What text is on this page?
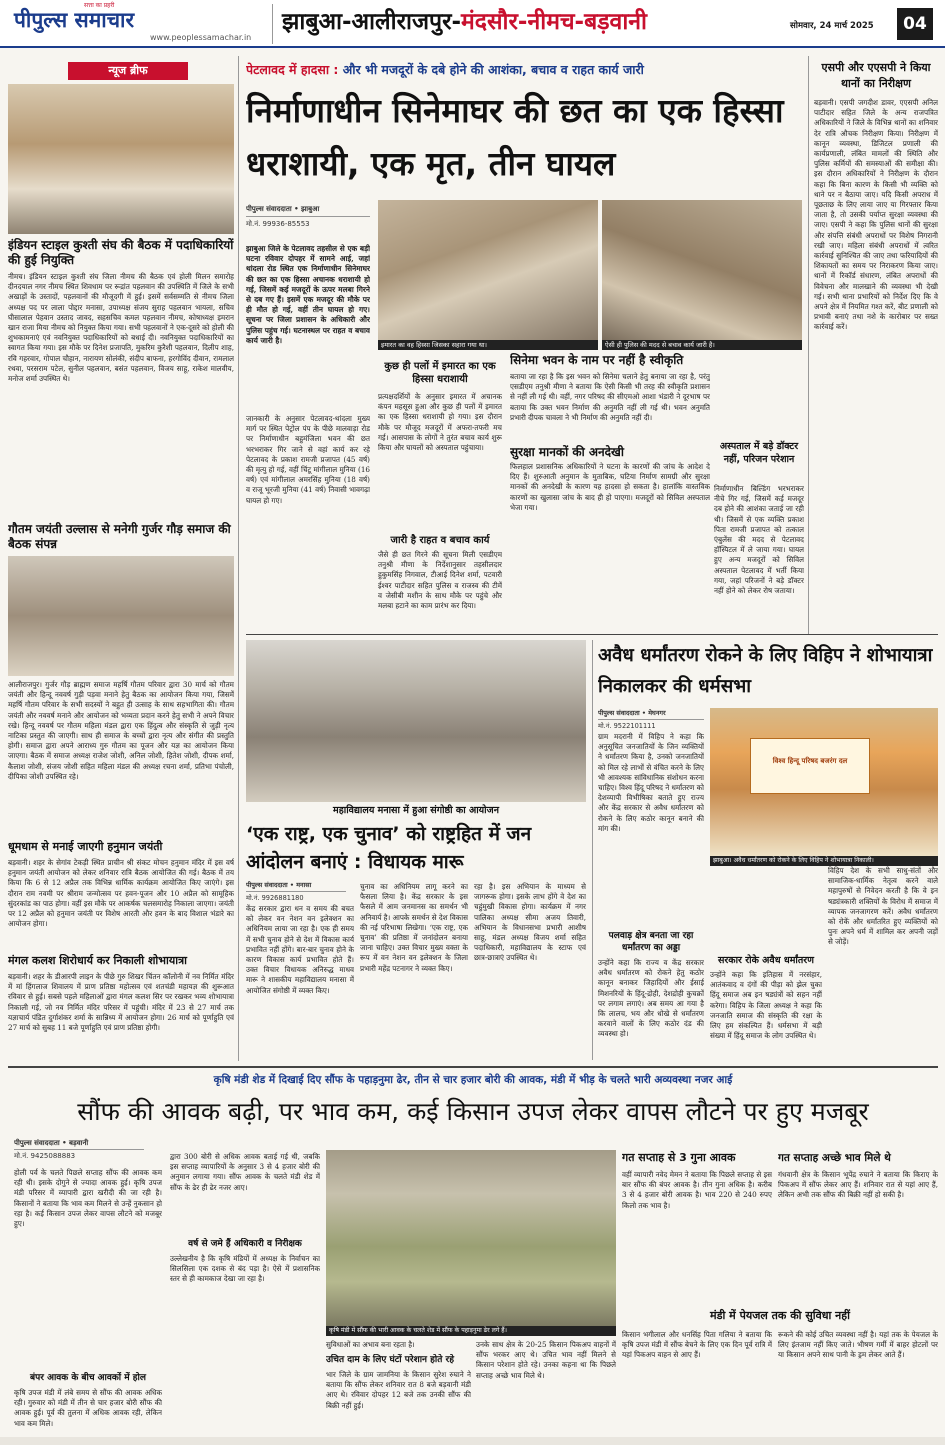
पीपुल्स समाचार
सत्ता का प्रहरी
www.peoplessamachar.in
झाबुआ-आलीराजपुर-मंदसौर-नीमच-बड़वानी	सोमवार, 24 मार्च 2025	04
न्यूज ब्रीफ
इंडियन स्टाइल कुश्ती संघ की बैठक में पदाधिकारियों की हुई नियुक्ति
नीमच। इंडियन स्टाइल कुश्ती संघ जिला नीमच की बैठक एवं होली मिलन समारोह दीनदयाल नगर नीमच स्थित शिवधाम पर रूद्रांत पहलवान की उपस्थिति में जिले के सभी अखाड़ों के उस्तादों, पहलवानों की मौजूदगी में हुई। इसमें सर्वसम्मति से नीमच जिला अध्यक्ष पद पर लाला पोद्दार मनासा, उपाध्यक्ष संजय सुराह पहलवान भायला, सचिव घीसालाल पेहवान उस्ताद जावद, सहसचिव कमल पहलवान नीमच, कोषाध्यक्ष इमरान खान राजा मिया नीमच को नियुक्त किया गया। सभी पहलवानों ने एक-दूसरे को होली की शुभकामनाएं एवं नवनियुक्त पदाधिकारियों को बधाई दी। नवनियुक्त पदाधिकारियों का स्वागत किया गया। इस मौके पर दिनेश प्रजापति, मुकरिम कुरैशी पहलवान, दिलीप शाह, रवि गहरवार, गोपाल चौहान, नारायण सोलंकी, संदीप बाफना, हरगोविंद दीवान, रामलाल रथवा, परसराम पटेल, सुनील पहलवान, बसंत पहलवान, विजय साहू, राकेश मालवीय, मनोज शर्मा उपस्थित थे।
गौतम जयंती उल्लास से मनेगी गुर्जर गौड़ समाज की बैठक संपन्न
आलीराजपुर। गुर्जर गौड़ ब्राह्मण समाज महर्षि गौतम परिवार द्वारा 30 मार्च को गौतम जयंती और हिन्दू नववर्ष गुड़ी पड़वा मनाने हेतु बैठक का आयोजन किया गया, जिसमें महर्षि गौतम परिवार के सभी सदस्यों ने बहुत ही उत्साह के साथ सहभागिता की। गौतम जयंती और नववर्ष मनाने और आयोजन को भव्यता प्रदान करने हेतु सभी ने अपने विचार रखे। हिन्दू नववर्ष पर गौतम महिला मंडल द्वारा एक हिंदुत्व और संस्कृति से जुड़ी नृत्य नाटिका प्रस्तुत की जाएगी। साथ ही समाज के बच्चों द्वारा नृत्य और संगीत की प्रस्तुति होगी। समाज द्वारा अपने आराध्य गुरु गौतम का पूजन और यज्ञ का आयोजन किया जाएगा। बैठक में समाज अध्यक्ष राजेश जोशी, अनिल जोशी, हितेश जोशी, दीपक शर्मा, कैलाश जोशी, संजय जोशी सहित महिला मंडल की अध्यक्ष रचना शर्मा, प्रतिभा पंचोली, दीपिका जोशी उपस्थित रहे।
धूमधाम से मनाई जाएगी हनुमान जयंती
बड़वानी। शहर के सेगांव टेकड़ी स्थित प्राचीन श्री संकट मोचन हनुमान मंदिर में इस वर्ष हनुमान जयंती आयोजन को लेकर शनिवार रात्रि बैठक आयोजित की गई। बैठक में तय किया कि 6 से 12 अप्रैल तक विभिन्न धार्मिक कार्यक्रम आयोजित किए जाएंगे। इस दौरान राम नवमी पर श्रीराम जन्मोत्सव पर हवन-पूजन और 10 अप्रैल को सामूहिक सुंदरकांड का पाठ होगा। वहीं इस मौके पर आकर्षक चलसमारोह निकाला जाएगा। जयंती पर 12 अप्रैल को हनुमान जयंती पर विशेष आरती और हवन के बाद विशाल भंडारे का आयोजन होगा।
मंगल कलश शिरोधार्य कर निकाली शोभायात्रा
बड़वानी। शहर के डीआरपी लाइन के पीछे गुरु शिखर चिंतन कॉलोनी में नव निर्मित मंदिर में मां हिंगलाज शिवालय में प्राण प्रतिष्ठा महोत्सव एवं शतचंडी महायज्ञ की शुरूआत रविवार से हुई। सबसे पहले महिलाओं द्वारा मंगल कलश सिर पर रखकर भव्य शोभायात्रा निकाली गई, जो नव निर्मित मंदिर परिसर में पहुंची। मंदिर में 23 से 27 मार्च तक यज्ञाचार्य पंडित दुर्गाशंकर शर्मा के सान्निध्य में आयोजन होगा। 26 मार्च को पूर्णाहुति एवं 27 मार्च को सुबह 11 बजे पूर्णाहुति एवं प्राण प्रतिष्ठा होगी।
पेटलावद में हादसा : और भी मजदूरों के दबे होने की आशंका, बचाव व राहत कार्य जारी
निर्माणाधीन सिनेमाघर की छत का एक हिस्सा धराशायी, एक मृत, तीन घायल
पीपुल्स संवाददाता • झाबुआ
मो.नं. 99936-85553
झाबुआ जिले के पेटलावद तहसील से एक बड़ी घटना रविवार दोपहर में सामने आई, जहां थांदला रोड स्थित एक निर्माणाधीन सिनेमाघर की छत का एक हिस्सा अचानक धराशायी हो गई, जिसमें कई मजदूरों के ऊपर मलबा गिरने से दब गए हैं। इसमें एक मजदूर की मौके पर ही मौत हो गई, वहीं तीन घायल हो गए। सूचना पर जिला प्रशासन के अधिकारी और पुलिस पहुंच गई। घटनास्थल पर राहत व बचाव कार्य जारी है।
इमारत का वह हिस्सा जिसका सहारा गया था।	ऐसी ही पुलिस की मदद से बचाव कार्य जारी है।
जानकारी के अनुसार पेटलावद-थांदला मुख्य मार्ग पर स्थित पेट्रोल पंप के पीछे मालवाड़ा रोड पर निर्माणाधीन बहुमंजिला भवन की छत भरभराकर गिर जाने से वहां कार्य कर रहे पेटलावद के प्रकाश रामजी प्रजापत (45 वर्ष) की मृत्यु हो गई, वहीं चिंटू मांगीलाल मुनिया (16 वर्ष) एवं मांगीलाल अमरसिंह मुनिया (18 वर्ष) व राजू भूरजी मुनिया (41 वर्ष) निवासी भावगढ़ा घायल हो गए।
कुछ ही पलों में इमारत का एक हिस्सा धराशायी
प्रत्यक्षदर्शियों के अनुसार इमारत में अचानक कंपन महसूस हुआ और कुछ ही पलों में इमारत का एक हिस्सा धराशायी हो गया। इस दौरान मौके पर मौजूद मजदूरों में अफरा-तफरी मच गई। आसपास के लोगों ने तुरंत बचाव कार्य शुरू किया और घायलों को अस्पताल पहुंचाया।
जारी है राहत व बचाव कार्य
जैसे ही छत गिरने की सूचना मिली एसडीएम तनुश्री मीणा के निर्देशानुसार तहसीलदार हुकुमसिंह निगवाल, टीआई दिनेश शर्मा, पटवारी ईश्वर पाटीदार सहित पुलिस व राजस्व की टीमें व जेसीबी मशीन के साथ मौके पर पहुंचे और मलबा हटाने का काम प्रारंभ कर दिया।
सिनेमा भवन के नाम पर नहीं है स्वीकृति
बताया जा रहा है कि इस भवन को सिनेमा चलाने हेतु बनाया जा रहा है, परंतु एसडीएम तनुश्री मीणा ने बताया कि ऐसी किसी भी तरह की स्वीकृति प्रशासन से नहीं ली गई थी। वहीं, नगर परिषद की सीएमओ आशा भंडारी ने दूरभाष पर बताया कि उक्त भवन निर्माण की अनुमति नहीं ली गई थी। भवन अनुमति प्रभारी दीपक चावला ने भी निर्माण की अनुमति नहीं दी।
सुरक्षा मानकों की अनदेखी
फिलहाल प्रशासनिक अधिकारियों ने घटना के कारणों की जांच के आदेश दे दिए हैं। शुरुआती अनुमान के मुताबिक, घटिया निर्माण सामग्री और सुरक्षा मानकों की अनदेखी के कारण यह हादसा हो सकता है। हालांकि वास्तविक कारणों का खुलासा जांच के बाद ही हो पाएगा। मजदूरों को सिविल अस्पताल भेजा गया।
अस्पताल में बड़े डॉक्टर नहीं, परिजन परेशान
निर्माणाधीन बिल्डिंग भरभराकर नीचे गिर गई, जिसमें कई मजदूर दब होने की आशंका जताई जा रही थी। जिसमें से एक व्यक्ति प्रकाश पिता रामजी प्रजापत को तत्काल एंबुलेंस की मदद से पेटलावद हॉस्पिटल में ले जाया गया। घायल हुए अन्य मजदूरों को सिविल अस्पताल पेटलावद में भर्ती किया गया, जहां परिजनों ने बड़े डॉक्टर नहीं होने को लेकर रोष जताया।
एसपी और एएसपी ने किया थानों का निरीक्षण
बड़वानी। एसपी जगदीश डावर, एएसपी अनिल पाटीदार सहित जिले के अन्य राजपत्रित अधिकारियों ने जिले के विभिन्न थानों का शनिवार देर रात्रि औचक निरीक्षण किया। निरीक्षण में कानून व्यवस्था, डिजिटल प्रणाली की कार्यप्रणाली, लंबित मामलों की स्थिति और पुलिस कर्मियों की समस्याओं की समीक्षा की। इस दौरान अधिकारियों ने निरीक्षण के दौरान कहा कि बिना कारण के किसी भी व्यक्ति को थाने पर न बैठाया जाए। यदि किसी अपराध में पूछताछ के लिए लाया जाए या गिरफ्तार किया जाता है, तो उसकी पर्याप्त सुरक्षा व्यवस्था की जाए। एसपी ने कहा कि पुलिस थानों की सुरक्षा और संपत्ति संबंधी अपराधों पर विशेष निगरानी रखी जाए। महिला संबंधी अपराधों में त्वरित कार्रवाई सुनिश्चित की जाए तथा फरियादियों की शिकायतों का समय पर निराकरण किया जाए। थानों में रिकॉर्ड संधारण, लंबित अपराधों की विवेचना और मालखाने की व्यवस्था भी देखी गई। सभी थाना प्रभारियों को निर्देश दिए कि वे अपने क्षेत्र में नियमित गश्त करें, बीट प्रणाली को प्रभावी बनाएं तथा नशे के कारोबार पर सख्त कार्रवाई करें।
महाविद्यालय मनासा में हुआ संगोष्ठी का आयोजन
‘एक राष्ट्र, एक चुनाव’ को राष्ट्रहित में जन आंदोलन बनाएं : विधायक मारू
पीपुल्स संवाददाता • मनासा
मो.नं. 9926881180
केंद्र सरकार द्वारा धन व समय की बचत को लेकर वन नेशन वन इलेक्शन का अधिनियम लाया जा रहा है। एक ही समय में सभी चुनाव होने से देश में विकास कार्य प्रभावित नहीं होंगे। बार-बार चुनाव होने के कारण विकास कार्य प्रभावित होते हैं। उक्त विचार विधायक अनिरुद्ध माधव मारू ने शासकीय महाविद्यालय मनासा में आयोजित संगोष्ठी में व्यक्त किए।
चुनाव का अधिनियम लागू करने का फैसला लिया है। केंद्र सरकार के इस फैसले में आम जनमानस का समर्थन भी अनिवार्य है। आपके समर्थन से देश विकास की नई परिभाषा लिखेगा। ‘एक राष्ट्र, एक चुनाव’ की प्रतिष्ठा में जनांदोलन बनाया जाना चाहिए। उक्त विचार मुख्य वक्ता के रूप में वन नेशन वन इलेक्शन के जिला प्रभारी महेंद्र पटनागर ने व्यक्त किए।
रहा है। इस अभियान के माध्यम से जागरूक होगा। इसके लाभ होंगे वे देश का चहुंमुखी विकास होगा। कार्यक्रम में नगर पालिका अध्यक्ष सीमा अजय तिवारी, अभियान के विधानसभा प्रभारी आशीष साहू, मंडल अध्यक्ष विजय शर्मा सहित पदाधिकारी, महाविद्यालय के स्टाफ एवं छात्र-छात्राएं उपस्थित थे।
अवैध धर्मांतरण रोकने के लिए विहिप ने शोभायात्रा निकालकर की धर्मसभा
पीपुल्स संवाददाता • मेघनगर
मो.नं. 9522101111
ग्राम मदरानी में विहिप ने कहा कि अनुसूचित जनजातियों के जिन व्यक्तियों ने धर्मांतरण किया है, उनको जनजातियों को मिल रहे लाभों से वंचित करने के लिए भी आवश्यक सांविधानिक संशोधन करना चाहिए। विश्व हिंदू परिषद ने धर्मांतरण को देशव्यापी विभीषिका बताते हुए राज्य और केंद्र सरकार से अवैध धर्मांतरण को रोकने के लिए कठोर कानून बनाने की मांग की।
विश्व हिन्दू परिषद बजरंग दल
झाबुआ। अवैध धर्मांतरण को रोकने के लिए विहिप ने शोभायात्रा निकाली।
पलवाड़ क्षेत्र बनता जा रहा धर्मांतरण का अड्डा
उन्होंने कहा कि राज्य व केंद्र सरकार अवैध धर्मांतरण को रोकने हेतु कठोर कानून बनाकर जिहादियों और ईसाई मिशनरियों के हिंदू-द्रोही, देशद्रोही कुचक्रों पर लगाम लगाएं। अब समय आ गया है कि लालच, भय और धोखे से धर्मांतरण करवाने वालों के लिए कठोर दंड की व्यवस्था हो।
सरकार रोके अवैध धर्मांतरण
उन्होंने कहा कि इतिहास में नरसंहार, आतंकवाद व दंगों की पीड़ा को झेल चुका हिंदू समाज अब इन षड्यंत्रों को सहन नहीं करेगा। विहिप के जिला अध्यक्ष ने कहा कि जनजाति समाज की संस्कृति की रक्षा के लिए हम संकल्पित हैं। धर्मसभा में बड़ी संख्या में हिंदू समाज के लोग उपस्थित थे।
विहिप देश के सभी साधु-संतों और सामाजिक-धार्मिक नेतृत्व करने वाले महापुरुषों से निवेदन करती है कि वे इन षड्यंत्रकारी शक्तियों के विरोध में समाज में व्यापक जनजागरण करें। अवैध धर्मांतरण को रोकें और धर्मांतरित हुए व्यक्तियों को पुनः अपने धर्म में शामिल कर अपनी जड़ों से जोड़ें।
कृषि मंडी शेड में दिखाई दिए सौंफ के पहाड़नुमा ढेर, तीन से चार हजार बोरी की आवक, मंडी में भीड़ के चलते भारी अव्यवस्था नजर आई
सौंफ की आवक बढ़ी, पर भाव कम, कई किसान उपज लेकर वापस लौटने पर हुए मजबूर
पीपुल्स संवाददाता • बड़वानी
मो.नं. 9425088883
होली पर्व के चलते पिछले सप्ताह सौंफ की आवक कम रही थी। इसके दोगुने से ज्यादा आवक हुई। कृषि उपज मंडी परिसर में व्यापारी द्वारा खरीदी की जा रही है। किसानों ने बताया कि भाव कम मिलने से उन्हें नुकसान हो रहा है। कई किसान उपज लेकर वापस लौटने को मजबूर हुए।
बंपर आवक के बीच आवकों में होल
कृषि उपज मंडी में लंबे समय से सौंफ की आवक अधिक रही। गुरुवार को मंडी में तीन से चार हजार बोरी सौंफ की आवक हुई। पूर्व की तुलना में अधिक आवक रही, लेकिन भाव कम मिले।
द्वारा 300 बोरी से अधिक आवक बताई गई थी, जबकि इस सप्ताह व्यापारियों के अनुसार 3 से 4 हजार बोरी की अनुमान लगाया गया। सौंफ आवक के चलते मंडी शेड में सौंफ के ढेर ही ढेर नजर आए।
वर्ष से जमे हैं अधिकारी व निरीक्षक
उल्लेखनीय है कि कृषि मंडियों में अध्यक्ष के निर्वाचन का सिलसिला एक दशक से बंद पड़ा है। ऐसे में प्रशासनिक स्तर से ही कामकाज देखा जा रहा है।
कृषि मंडी में सौंफ की भारी आवक के चलते शेड में सौंफ के पहाड़नुमा ढेर लगे हैं।
सुविधाओं का अभाव बना रहता है।
उचित दाम के लिए घंटों परेशान होते रहे
भार जिले के ग्राम जामनिया के किसान सुरेश रुघाने ने बताया कि सौंफ लेकर शनिवार रात 8 बजे बड़वानी मंडी आए थे। रविवार दोपहर 12 बजे तक उनकी सौंफ की बिक्री नहीं हुई।
उनके साथ क्षेत्र के 20-25 किसान पिकअप वाहनों में सौंफ भरकर आए थे। उचित भाव नहीं मिलने से किसान परेशान होते रहे। उनका कहना था कि पिछले सप्ताह अच्छे भाव मिले थे।
गत सप्ताह से 3 गुना आवक
वहीं व्यापारी नवेद मेमन ने बताया कि पिछले सप्ताह से इस बार सौंफ की बंपर आवक है। तीन गुना अधिक है। करीब 3 से 4 हजार बोरी आवक है। भाव 220 से 240 रुपए किलो तक भाव है।
किसान भगीलाल और धनसिंह पिता गलिया ने बताया कि कृषि उपज मंडी में सौंफ बेचने के लिए एक दिन पूर्व रात्रि में यहां पिकअप वाहन से आए हैं।
गत सप्ताह अच्छे भाव मिले थे
गंधवानी क्षेत्र के किसान भूपेंद्र रुघाने ने बताया कि किराए के पिकअप में सौंफ लेकर आए हैं। शनिवार रात से यहां आए हैं, लेकिन अभी तक सौंफ की बिक्री नहीं हो सकी है।
मंडी में पेयजल तक की सुविधा नहीं
रूकने की कोई उचित व्यवस्था नहीं है। यहां तक के पेयजल के लिए इंतजाम नहीं किए जाते। भीषण गर्मी में बाहर होटलों पर या किसान अपने साथ पानी के ड्रम लेकर आते हैं।
